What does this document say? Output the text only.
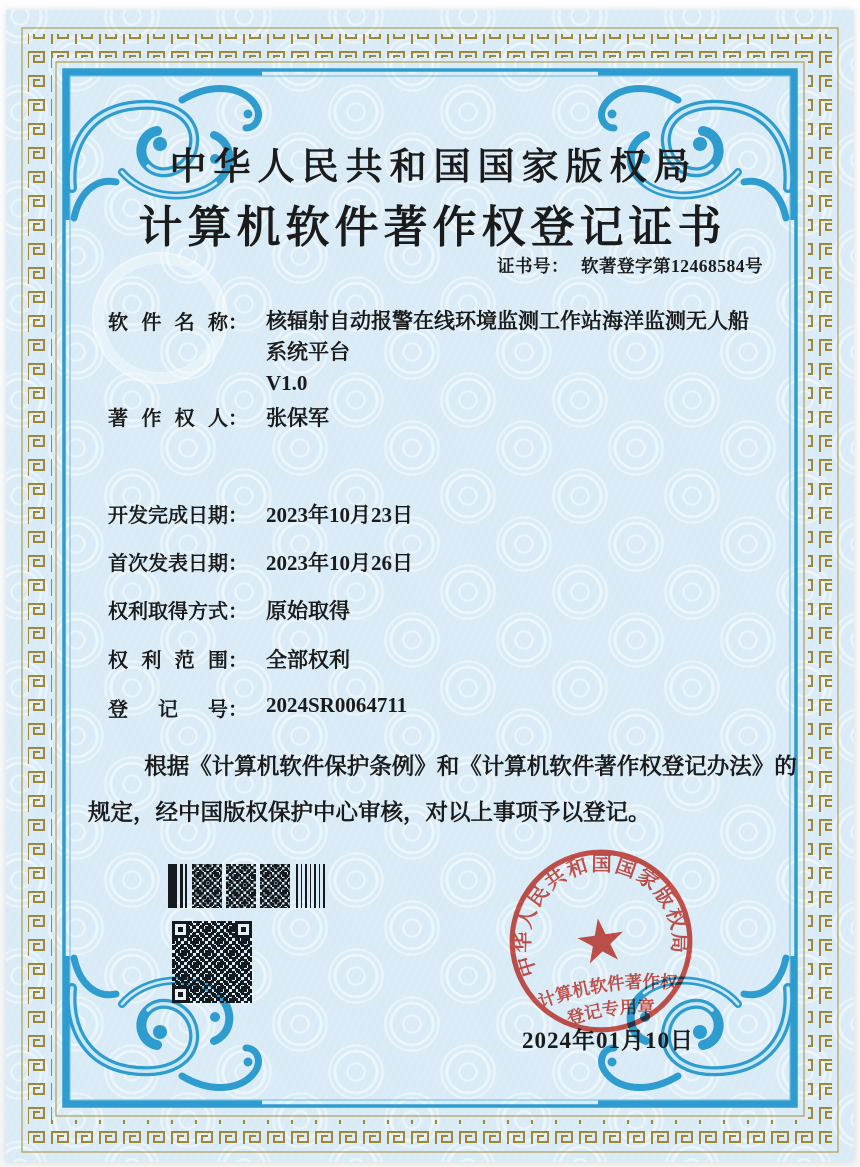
中华人民共和国国家版权局
计算机软件著作权登记证书
证书号： 软著登字第12468584号
软件名称 ： 核辐射自动报警在线环境监测工作站海洋监测无人船
系统平台
V1.0
著作权人 ： 张保军
开发完成日期 ： 2023年10月23日
首次发表日期 ： 2023年10月26日
权利取得方式 ： 原始取得
权利范围 ： 全部权利
登记号 ： 2024SR0064711
根据《计算机软件保护条例》和《计算机软件著作权登记办法》的
规定，经中国版权保护中心审核，对以上事项予以登记。
中华人民共和国国家版权局
★
计算机软件著作权
登记专用章
2024年01月10日
